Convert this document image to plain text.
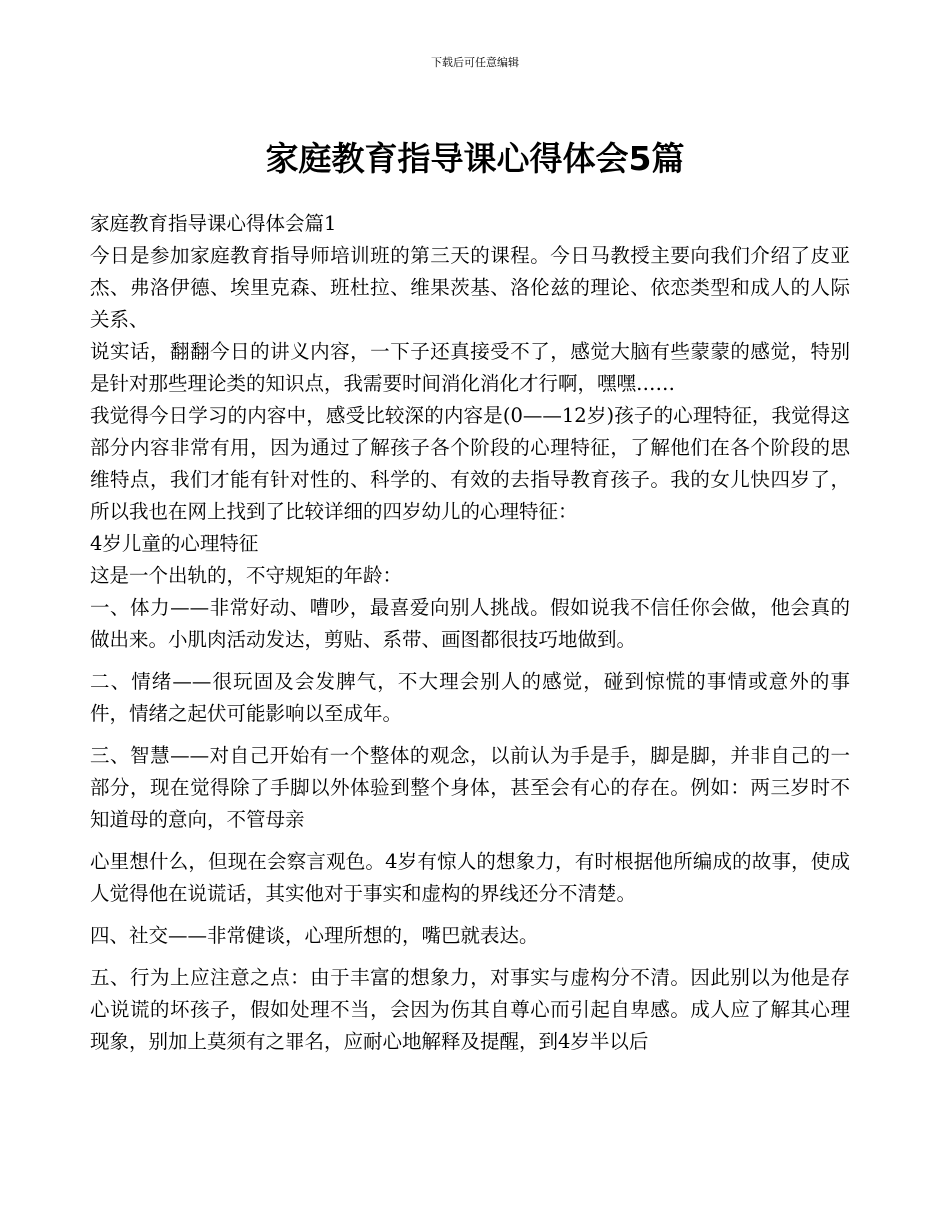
下载后可任意编辑
家庭教育指导课心得体会5篇

家庭教育指导课心得体会篇1

今日是参加家庭教育指导师培训班的第三天的课程。今日马教授主要向我们介绍了皮亚杰、弗洛伊德、埃里克森、班杜拉、维果茨基、洛伦兹的理论、依恋类型和成人的人际关系、

说实话，翻翻今日的讲义内容，一下子还真接受不了，感觉大脑有些蒙蒙的感觉，特别是针对那些理论类的知识点，我需要时间消化消化才行啊，嘿嘿……

我觉得今日学习的内容中，感受比较深的内容是(0——12岁)孩子的心理特征，我觉得这部分内容非常有用，因为通过了解孩子各个阶段的心理特征，了解他们在各个阶段的思维特点，我们才能有针对性的、科学的、有效的去指导教育孩子。我的女儿快四岁了，所以我也在网上找到了比较详细的四岁幼儿的心理特征：

4岁儿童的心理特征

这是一个出轨的，不守规矩的年龄：

一、体力——非常好动、嘈吵，最喜爱向别人挑战。假如说我不信任你会做，他会真的做出来。小肌肉活动发达，剪贴、系带、画图都很技巧地做到。

二、情绪——很玩固及会发脾气，不大理会别人的感觉，碰到惊慌的事情或意外的事件，情绪之起伏可能影响以至成年。

三、智慧——对自己开始有一个整体的观念，以前认为手是手，脚是脚，并非自己的一部分，现在觉得除了手脚以外体验到整个身体，甚至会有心的存在。例如：两三岁时不知道母的意向，不管母亲

心里想什么，但现在会察言观色。4岁有惊人的想象力，有时根据他所编成的故事，使成人觉得他在说谎话，其实他对于事实和虚构的界线还分不清楚。

四、社交——非常健谈，心理所想的，嘴巴就表达。

五、行为上应注意之点：由于丰富的想象力，对事实与虚构分不清。因此别以为他是存心说谎的坏孩子，假如处理不当，会因为伤其自尊心而引起自卑感。成人应了解其心理现象，别加上莫须有之罪名，应耐心地解释及提醒，到4岁半以后
